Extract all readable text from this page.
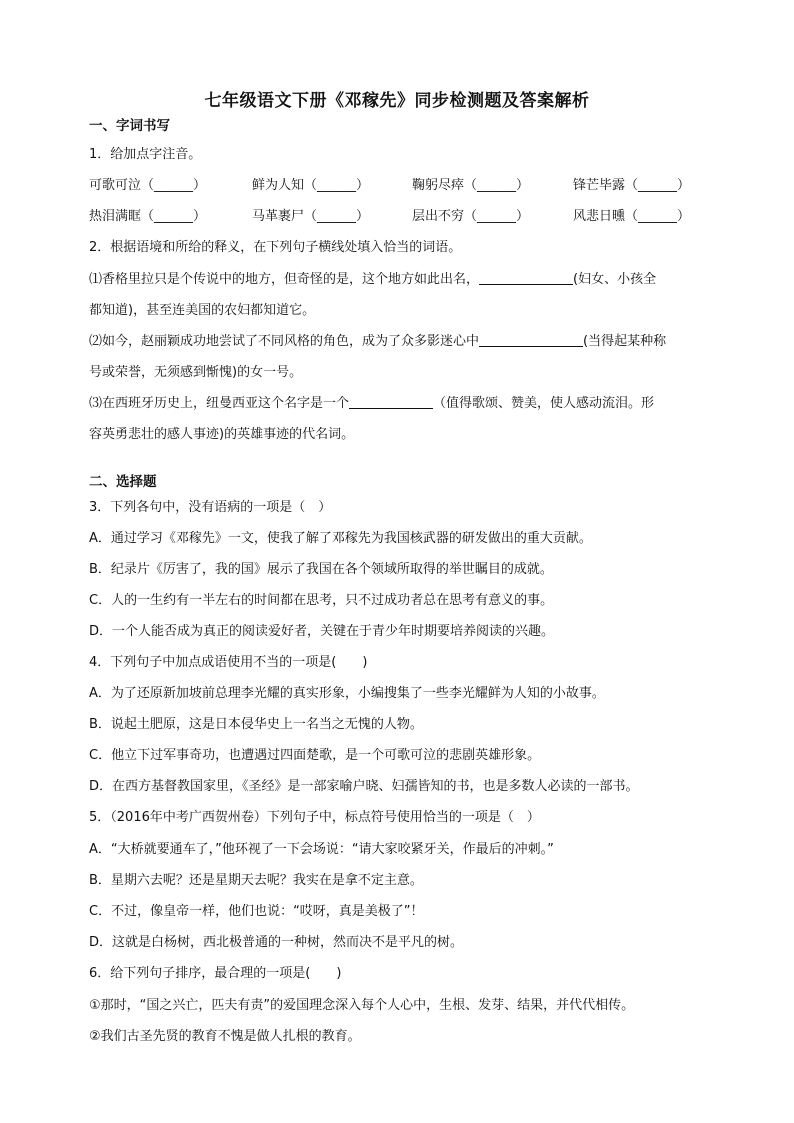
七年级语文下册《邓稼先》同步检测题及答案解析
一、字词书写
1．给加点字注音。
可歌可泣（______）	鲜为人知（______）	鞠躬尽瘁（______）	锋芒毕露（______）
热泪满眶（______）	马革裹尸（______）	层出不穷（______）	风悲日曛（______）
2．根据语境和所给的释义，在下列句子横线处填入恰当的词语。
⑴香格里拉只是个传说中的地方，但奇怪的是，这个地方如此出名，	(妇女、小孩全
都知道)，甚至连美国的农妇都知道它。
⑵如今，赵丽颖成功地尝试了不同风格的角色，成为了众多影迷心中	(当得起某种称
号或荣誉，无须感到惭愧)的女一号。
⑶在西班牙历史上，纽曼西亚这个名字是一个	（值得歌颂、赞美，使人感动流泪。形
容英勇悲壮的感人事迹)的英雄事迹的代名词。
二、选择题
3．下列各句中，没有语病的一项是（　）
A．通过学习《邓稼先》一文，使我了解了邓稼先为我国核武器的研发做出的重大贡献。
B．纪录片《厉害了，我的国》展示了我国在各个领域所取得的举世瞩目的成就。
C．人的一生约有一半左右的时间都在思考，只不过成功者总在思考有意义的事。
D．一个人能否成为真正的阅读爱好者，关键在于青少年时期要培养阅读的兴趣。
4．下列句子中加点成语使用不当的一项是(　　)
A．为了还原新加坡前总理李光耀的真实形象，小编搜集了一些李光耀鲜为人知的小故事。
B．说起土肥原，这是日本侵华史上一名当之无愧的人物。
C．他立下过军事奇功，也遭遇过四面楚歌，是一个可歌可泣的悲剧英雄形象。
D．在西方基督教国家里，《圣经》是一部家喻户晓、妇孺皆知的书，也是多数人必读的一部书。
5．（2016年中考广西贺州卷）下列句子中，标点符号使用恰当的一项是（　）
A．“大桥就要通车了，”他环视了一下会场说：“请大家咬紧牙关，作最后的冲刺。”
B．星期六去呢？还是星期天去呢？我实在是拿不定主意。
C．不过，像皇帝一样，他们也说：“哎呀，真是美极了”！
D．这就是白杨树，西北极普通的一种树，然而决不是平凡的树。
6．给下列句子排序，最合理的一项是(　　)
①那时，“国之兴亡，匹夫有责”的爱国理念深入每个人心中，生根、发芽、结果，并代代相传。
②我们古圣先贤的教育不愧是做人扎根的教育。
